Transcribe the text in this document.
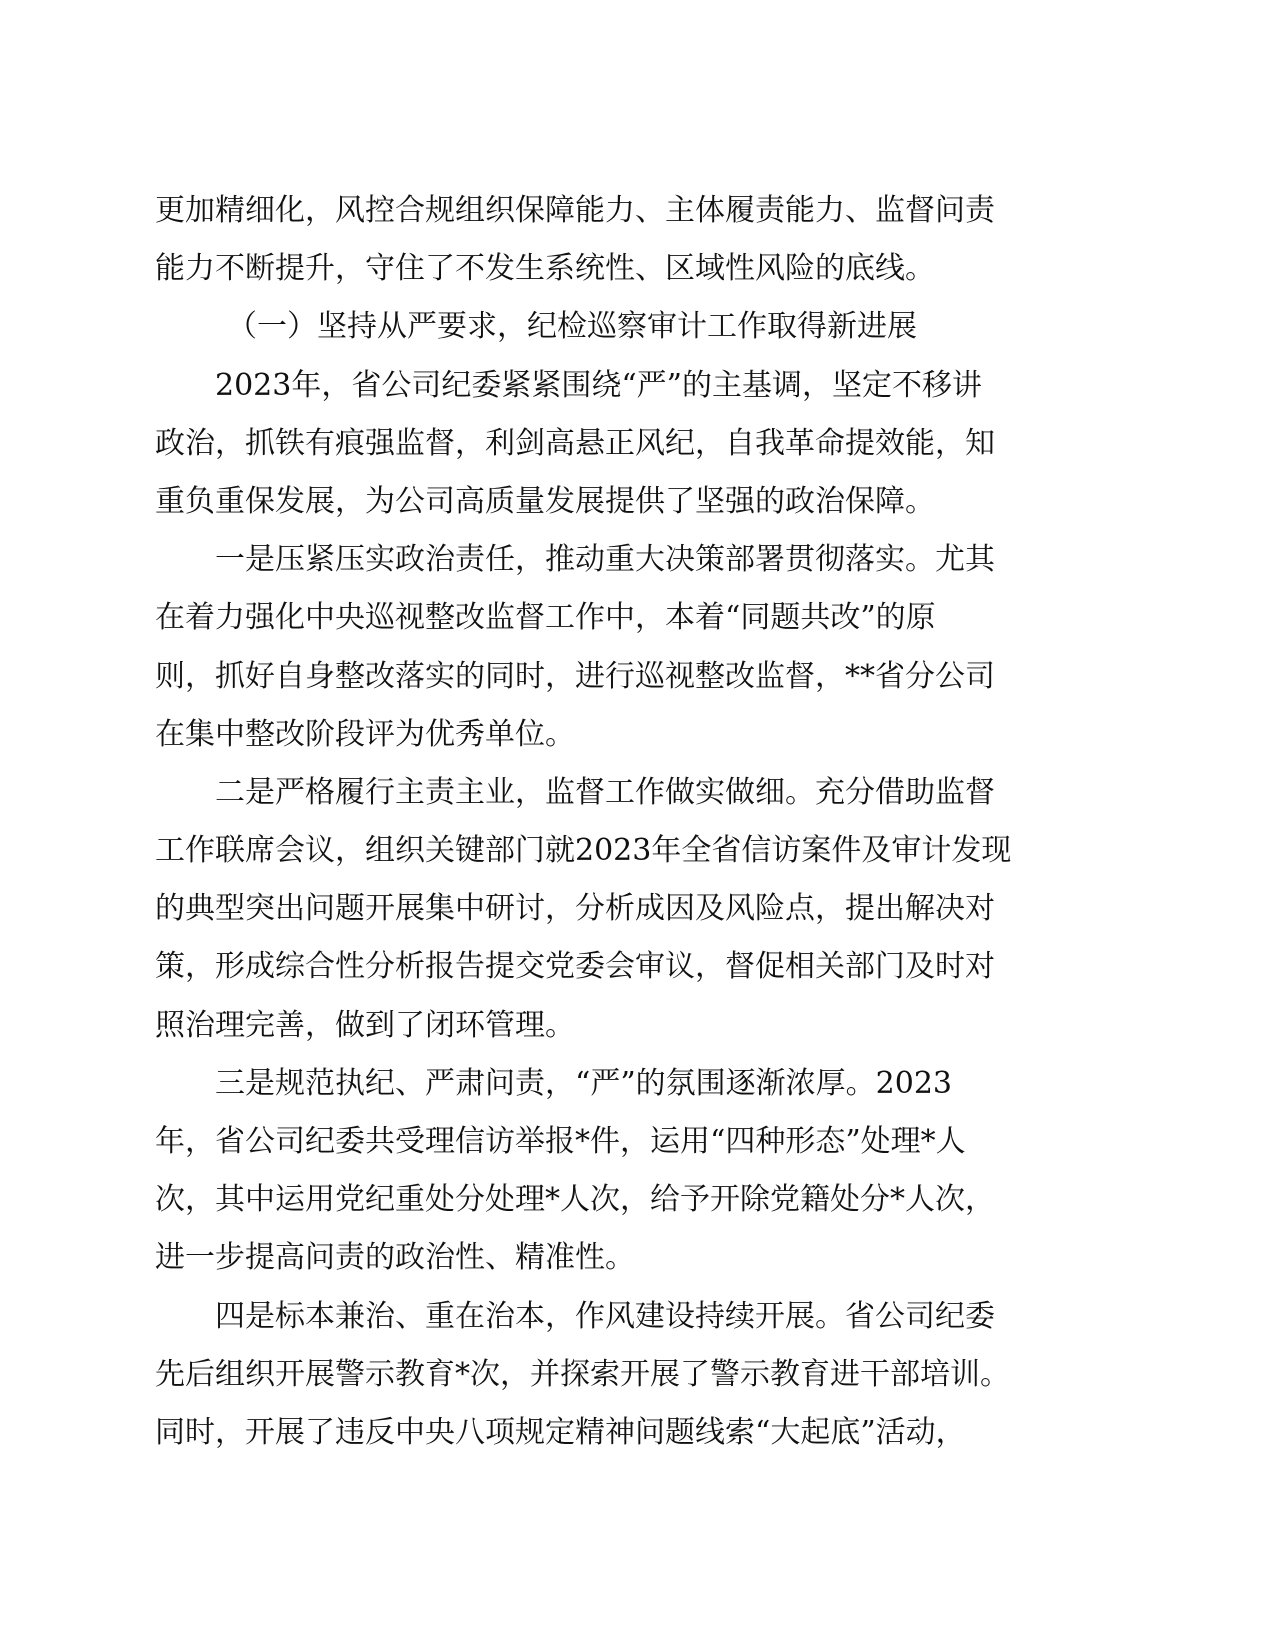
更加精细化，风控合规组织保障能力、主体履责能力、监督问责
能力不断提升，守住了不发生系统性、区域性风险的底线。
（一）坚持从严要求，纪检巡察审计工作取得新进展
　　2023年，省公司纪委紧紧围绕“严”的主基调，坚定不移讲
政治，抓铁有痕强监督，利剑高悬正风纪，自我革命提效能，知
重负重保发展，为公司高质量发展提供了坚强的政治保障。
　　一是压紧压实政治责任，推动重大决策部署贯彻落实。尤其
在着力强化中央巡视整改监督工作中，本着“同题共改”的原
则，抓好自身整改落实的同时，进行巡视整改监督，**省分公司
在集中整改阶段评为优秀单位。
　　二是严格履行主责主业，监督工作做实做细。充分借助监督
工作联席会议，组织关键部门就2023年全省信访案件及审计发现
的典型突出问题开展集中研讨，分析成因及风险点，提出解决对
策，形成综合性分析报告提交党委会审议，督促相关部门及时对
照治理完善，做到了闭环管理。
　　三是规范执纪、严肃问责，“严”的氛围逐渐浓厚。2023
年，省公司纪委共受理信访举报*件，运用“四种形态”处理*人
次，其中运用党纪重处分处理*人次，给予开除党籍处分*人次，
进一步提高问责的政治性、精准性。
　　四是标本兼治、重在治本，作风建设持续开展。省公司纪委
先后组织开展警示教育*次，并探索开展了警示教育进干部培训。
同时，开展了违反中央八项规定精神问题线索“大起底”活动，
